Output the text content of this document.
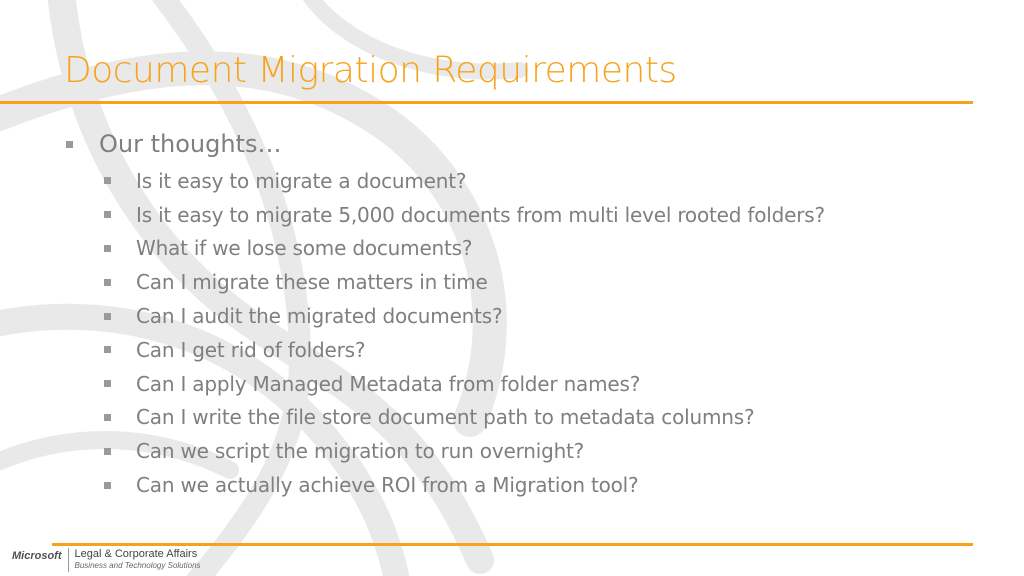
Document Migration Requirements
Our thoughts…
Is it easy to migrate a document?
Is it easy to migrate 5,000 documents from multi level rooted folders?
What if we lose some documents?
Can I migrate these matters in time
Can I audit the migrated documents?
Can I get rid of folders?
Can I apply Managed Metadata from folder names?
Can I write the file store document path to metadata columns?
Can we script the migration to run overnight?
Can we actually achieve ROI from a Migration tool?
Microsoft	Legal & Corporate Affairs
Business and Technology Solutions
